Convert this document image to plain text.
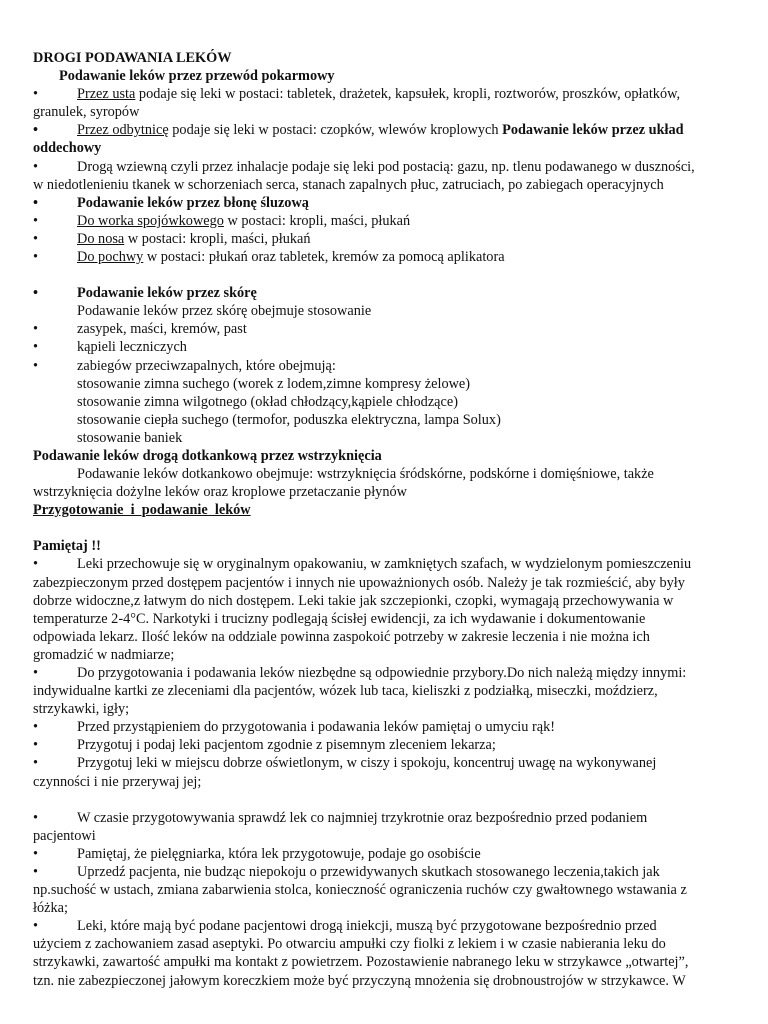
DROGI PODAWANIA LEKÓW
Podawanie leków przez przewód pokarmowy
•	Przez usta podaje się leki w postaci: tabletek, drażetek, kapsułek, kropli, roztworów, proszków, opłatków,
granulek, syropów
•	Przez odbytnicę podaje się leki w postaci: czopków, wlewów kroplowych Podawanie leków przez układ
oddechowy
•	Drogą wziewną czyli przez inhalacje podaje się leki pod postacią: gazu, np. tlenu podawanego w duszności,
w niedotlenieniu tkanek w schorzeniach serca, stanach zapalnych płuc, zatruciach, po zabiegach operacyjnych
•	Podawanie leków przez błonę śluzową
•	Do worka spojówkowego w postaci: kropli, maści, płukań
•	Do nosa w postaci: kropli, maści, płukań
•	Do pochwy w postaci: płukań oraz tabletek, kremów za pomocą aplikatora
•	Podawanie leków przez skórę
Podawanie leków przez skórę obejmuje stosowanie
•	zasypek, maści, kremów, past
•	kąpieli leczniczych
•	zabiegów przeciwzapalnych, które obejmują:
stosowanie zimna suchego (worek z lodem,zimne kompresy żelowe)
stosowanie zimna wilgotnego (okład chłodzący,kąpiele chłodzące)
stosowanie ciepła suchego (termofor, poduszka elektryczna, lampa Solux)
stosowanie baniek
Podawanie leków drogą dotkankową przez wstrzyknięcia
Podawanie leków dotkankowo obejmuje: wstrzyknięcia śródskórne, podskórne i domięśniowe, także
wstrzyknięcia dożylne leków oraz kroplowe przetaczanie płynów
Przygotowanie  i  podawanie  leków
Pamiętaj !!
•	Leki przechowuje się w oryginalnym opakowaniu, w zamkniętych szafach, w wydzielonym pomieszczeniu
zabezpieczonym przed dostępem pacjentów i innych nie upoważnionych osób. Należy je tak rozmieścić, aby były
dobrze widoczne,z łatwym do nich dostępem. Leki takie jak szczepionki, czopki, wymagają przechowywania w
temperaturze 2-4°C. Narkotyki i trucizny podlegają ścisłej ewidencji, za ich wydawanie i dokumentowanie
odpowiada lekarz. Ilość leków na oddziale powinna zaspokoić potrzeby w zakresie leczenia i nie można ich
gromadzić w nadmiarze;
•	Do przygotowania i podawania leków niezbędne są odpowiednie przybory.Do nich należą między innymi:
indywidualne kartki ze zleceniami dla pacjentów, wózek lub taca, kieliszki z podziałką, miseczki, moździerz,
strzykawki, igły;
•	Przed przystąpieniem do przygotowania i podawania leków pamiętaj o umyciu rąk!
•	Przygotuj i podaj leki pacjentom zgodnie z pisemnym zleceniem lekarza;
•	Przygotuj leki w miejscu dobrze oświetlonym, w ciszy i spokoju, koncentruj uwagę na wykonywanej
czynności i nie przerywaj jej;
•	W czasie przygotowywania sprawdź lek co najmniej trzykrotnie oraz bezpośrednio przed podaniem
pacjentowi
•	Pamiętaj, że pielęgniarka, która lek przygotowuje, podaje go osobiście
•	Uprzedź pacjenta, nie budząc niepokoju o przewidywanych skutkach stosowanego leczenia,takich jak
np.suchość w ustach, zmiana zabarwienia stolca, konieczność ograniczenia ruchów czy gwałtownego wstawania z
łóżka;
•	Leki, które mają być podane pacjentowi drogą iniekcji, muszą być przygotowane bezpośrednio przed
użyciem z zachowaniem zasad aseptyki. Po otwarciu ampułki czy fiolki z lekiem i w czasie nabierania leku do
strzykawki, zawartość ampułki ma kontakt z powietrzem. Pozostawienie nabranego leku w strzykawce „otwartej”,
tzn. nie zabezpieczonej jałowym koreczkiem może być przyczyną mnożenia się drobnoustrojów w strzykawce. W
